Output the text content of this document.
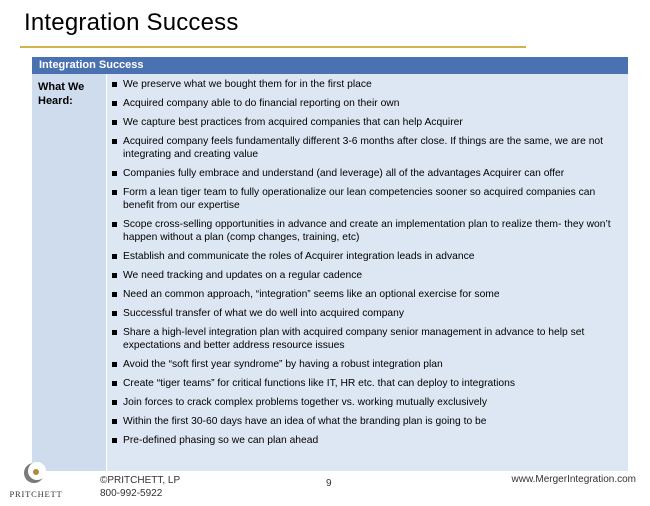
Integration Success
Integration Success
What We Heard:
We preserve what we bought them for in the first place
Acquired company able to do financial reporting on their own
We capture best practices from acquired companies that can help Acquirer
Acquired company feels fundamentally different 3-6 months after close. If things are the same, we are not integrating and creating value
Companies fully embrace and understand (and leverage) all of the advantages Acquirer can offer
Form a lean tiger team to fully operationalize our lean competencies sooner so acquired companies can benefit from our expertise
Scope cross-selling opportunities in advance and create an implementation plan to realize them- they won’t happen without a plan (comp changes, training, etc)
Establish and communicate the roles of Acquirer integration leads in advance
We need tracking and updates on a regular cadence
Need an common approach, “integration” seems like an optional exercise for some
Successful transfer of what we do well into acquired company
Share a high-level integration plan with acquired company senior management in advance to help set expectations and better address resource issues
Avoid the “soft first year syndrome” by having a robust integration plan
Create “tiger teams” for critical functions like IT, HR etc. that can deploy to integrations
Join forces to crack complex problems together vs. working mutually exclusively
Within the first 30-60 days have an idea of what the branding plan is going to be
Pre-defined phasing so we can plan ahead
PRITCHETT
©PRITCHETT, LP
800-992-5922
9	www.MergerIntegration.com
